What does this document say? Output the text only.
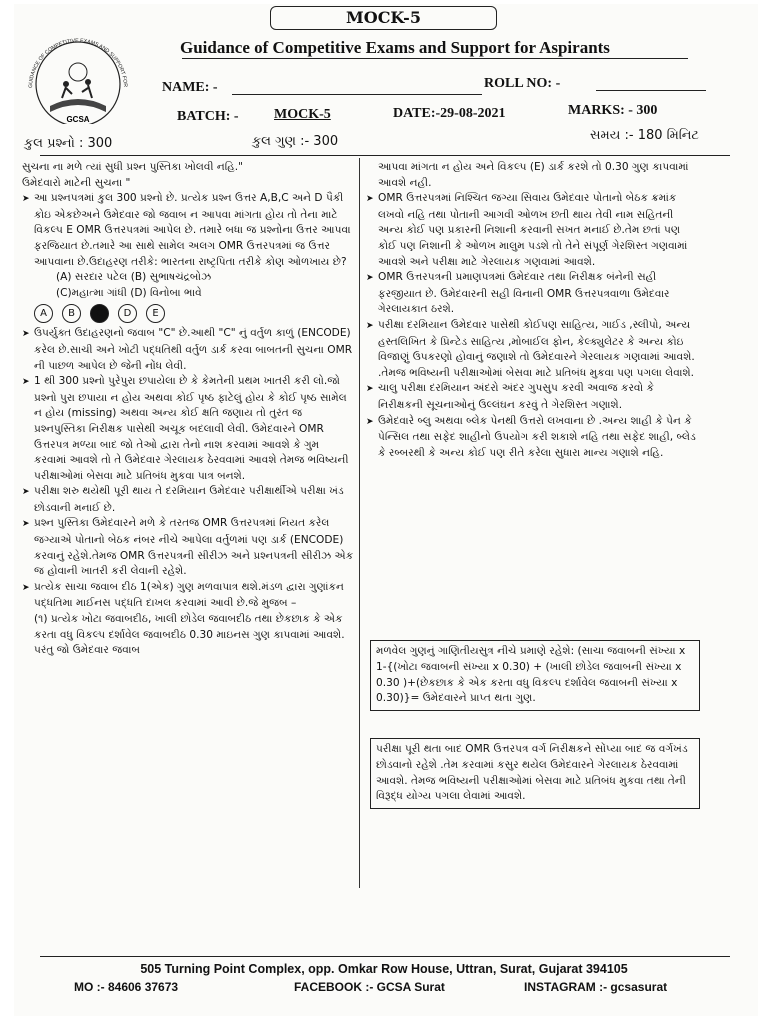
MOCK-5
GUIDANCE OF COMPETITIVE EXAMS AND SUPPORT FOR
GCSA
Guidance of Competitive Exams and Support for Aspirants
NAME: -	ROLL NO: -
BATCH: -	MOCK-5	DATE:-29-08-2021	MARKS: - 300
કુલ પ્રશ્નો : 300	કુલ ગુણ :- 300	સમય :- 180 મિનિટ

સુચના ના મળે ત્યાં સુધી પ્રશ્ન પુસ્તિકા ખોલવી નહિ."

ઉમેદવારો માટેની સુચના "

➤ આ પ્રશ્નપત્રમાં કુલ 300 પ્રશ્નો છે. પ્રત્યેક પ્રશ્ન ઉત્તર A,B,C અને D પૈકી કોઇ એકછેઅને ઉમેદવાર જો જવાબ ન આપવા માંગતા હોય તો તેના માટે વિકલ્પ E OMR ઉત્તરપત્રમાં આપેલ છે. તમારે બધા જ પ્રશ્નોના ઉત્તર આપવા ફરજિયાત છે.તમારે આ સાથે સામેલ અલગ OMR ઉત્તરપત્રમાં જ ઉત્તર આપવાના છે.ઉદાહરણ તરીકે: ભારતના રાષ્ટ્રપિતા તરીકે કોણ ઓળખાય છે?

(A) સરદાર પટેલ (B) સુભાષચંદ્રબોઝ

(C)મહાત્મા ગાંધી (D) વિનોબા ભાવે

A	B	C	D	E

➤ ઉપર્યુક્ત ઉદાહરણનો જવાબ "C" છે.આથી "C" નું વર્તુળ કાળું (ENCODE) કરેલ છે.સાચી અને ખોટી પદ્ધતિથી વર્તુળ ડાર્ક કરવા બાબતની સુચના OMR ની પાછળ આપેલ છે જેની નોંધ લેવી.

➤ 1 થી 300 પ્રશ્નો પુરેપુરા છપાયેલા છે કે કેમતેની પ્રથમ ખાતરી કરી લો.જો પ્રશ્નો પુરા છપાયા ન હોય અથવા કોઈ પૃષ્ઠ ફાટેલું હોય કે કોઈ પૃષ્ઠ સામેલ ન હોય (missing) અથવા અન્ય કોઈ ક્ષતિ જણાય તો તુરંત જ પ્રશ્નપુસ્તિકા નિરીક્ષક પાસેથી અચૂક બદલાવી લેવી. ઉમેદવારને OMR ઉત્તરપત્ર મળ્યા બાદ જો તેઓ દ્વારા તેનો નાશ કરવામાં આવશે કે ગુમ કરવામાં આવશે તો તે ઉમેદવાર ગેરલાયક ઠેરવવામાં આવશે તેમજ ભવિષ્યની પરીક્ષાઓમાં બેસવા માટે પ્રતિબંધ મુકવા પાત્ર બનશે.

➤ પરીક્ષા શરુ થયેથી પૂરી થાય તે દરમિયાન ઉમેદવાર પરીક્ષાર્થીએ પરીક્ષા ખંડ છોડવાની મનાઈ છે.

➤ પ્રશ્ન પુસ્તિકા ઉમેદવારને મળે કે તરતજ OMR ઉત્તરપત્રમાં નિયત કરેલ જગ્યાએ પોતાનો બેઠક નંબર નીચે આપેલા વર્તુળમાં પણ ડાર્ક (ENCODE) કરવાનું રહેશે.તેમજ OMR ઉત્તરપત્રની સીરીઝ અને પ્રશ્નપત્રની સીરીઝ એક જ હોવાની ખાતરી કરી લેવાની રહેશે.

➤ પ્રત્યેક સાચા જવાબ દીઠ 1(એક) ગુણ મળવાપાત્ર થશે.મંડળ દ્વારા ગુણાંકન પદ્ધતિમા માઈનસ પદ્ધતિ દાખલ કરવામાં આવી છે.જે મુજબ –

(૧) પ્રત્યેક ખોટા જવાબદીઠ, ખાલી છોડેલ જવાબદીઠ તથા છેકછાક કે એક કરતા વધુ વિકલ્પ દર્શાવેલ જવાબદીઠ 0.30 માઇનસ ગુણ કાપવામાં આવશે. પરંતુ જો ઉમેદવાર જવાબ

આપવા માંગતા ન હોય અને વિકલ્પ (E) ડાર્ક કરશે તો 0.30 ગુણ કાપવામાં આવશે નહી.

➤ OMR ઉત્તરપત્રમાં નિશ્ચિત જગ્યા સિવાય ઉમેદવાર પોતાનો બેઠક ક્રમાંક લખવો નહિ તથા પોતાની આગવી ઓળખ છતી થાય તેવી નામ સહિતની અન્ય કોઈ પણ પ્રકારની નિશાની કરવાની સખત મનાઈ છે.તેમ છતાં પણ કોઈ પણ નિશાની કે ઓળખ માલુમ પડશે તો તેને સંપૂર્ણ ગેરશિસ્ત ગણવામાં આવશે અને પરીક્ષા માટે ગેરલાયક ગણવામાં આવશે.

➤ OMR ઉત્તરપત્રની પ્રમાણપત્રમાં ઉમેદવાર તથા નિરીક્ષક બંનેની સહી ફરજીયાત છે. ઉમેદવારની સહી વિનાની OMR ઉત્તરપત્રવાળા ઉમેદવાર ગેરલાયકાત ઠરશે.

➤ પરીક્ષા દરમિયાન ઉમેદવાર પાસેથી કોઈપણ સાહિત્ય, ગાઈડ ,સ્લીપો, અન્ય હસ્તલિખિત કે પ્રિન્ટેડ સાહિત્ય ,મોબાઈલ ફોન, કેલ્ક્યુલેટર કે અન્ય કોઇ વિજાણું ઉપકરણો હોવાનું જણાશે તો ઉમેદવારને ગેરલાયક ગણવામાં આવશે. .તેમજ ભવિષ્યની પરીક્ષાઓમાં બેસવા માટે પ્રતિબંધ મુકવા પણ પગલા લેવાશે.

➤ ચાલુ પરીક્ષા દરમિયાન અંદરો અંદર ગુપસુપ કરવી અવાજ કરવો કે નિરીક્ષકની સૂચનાઓનું ઉલ્લંઘન કરવું તે ગેરશિસ્ત ગણાશે.

➤ ઉમેદવારે બ્લુ અથવા બ્લેક પેનથી ઉત્તરો લખવાના છે .અન્ય શાહી કે પેન કે પેન્સિલ તથા સફેદ શાહીનો ઉપયોગ કરી શકાશે નહિ તથા સફેદ શાહી, બ્લેડ કે રબ્બરથી કે અન્ય કોઈ પણ રીતે કરેલા સુધારા માન્ય ગણાશે નહિ.

મળવેલ ગુણનું ગાણિતીયસુત્ર નીચે પ્રમાણે રહેશે: (સાચા જવાબની સંખ્યા x 1-{(ખોટા જવાબની સંખ્યા x 0.30) + (ખાલી છોડેલ જવાબની સંખ્યા x 0.30 )+(છેકછાક કે એક કરતા વધુ વિકલ્પ દર્શાવેલ જવાબની સંખ્યા x 0.30)}= ઉમેદવારને પ્રાપ્ત થતા ગુણ.
પરીક્ષા પૂરી થતા બાદ OMR ઉત્તરપત્ર વર્ગ નિરીક્ષકને સોંપ્યા બાદ જ વર્ગખંડ છોડવાનો રહેશે .તેમ કરવામાં કસુર થયેલ ઉમેદવારને ગેરલાયક ઠેરવવામાં આવશે. તેમજ ભવિષ્યની પરીક્ષાઓમાં બેસવા માટે પ્રતિબંધ મુકવા તથા તેની વિરૂદ્ધ યોગ્ય પગલા લેવામાં આવશે.
505 Turning Point Complex, opp. Omkar Row House, Uttran, Surat, Gujarat 394105
MO :- 84606 37673	FACEBOOK :- GCSA Surat	INSTAGRAM :- gcsasurat
